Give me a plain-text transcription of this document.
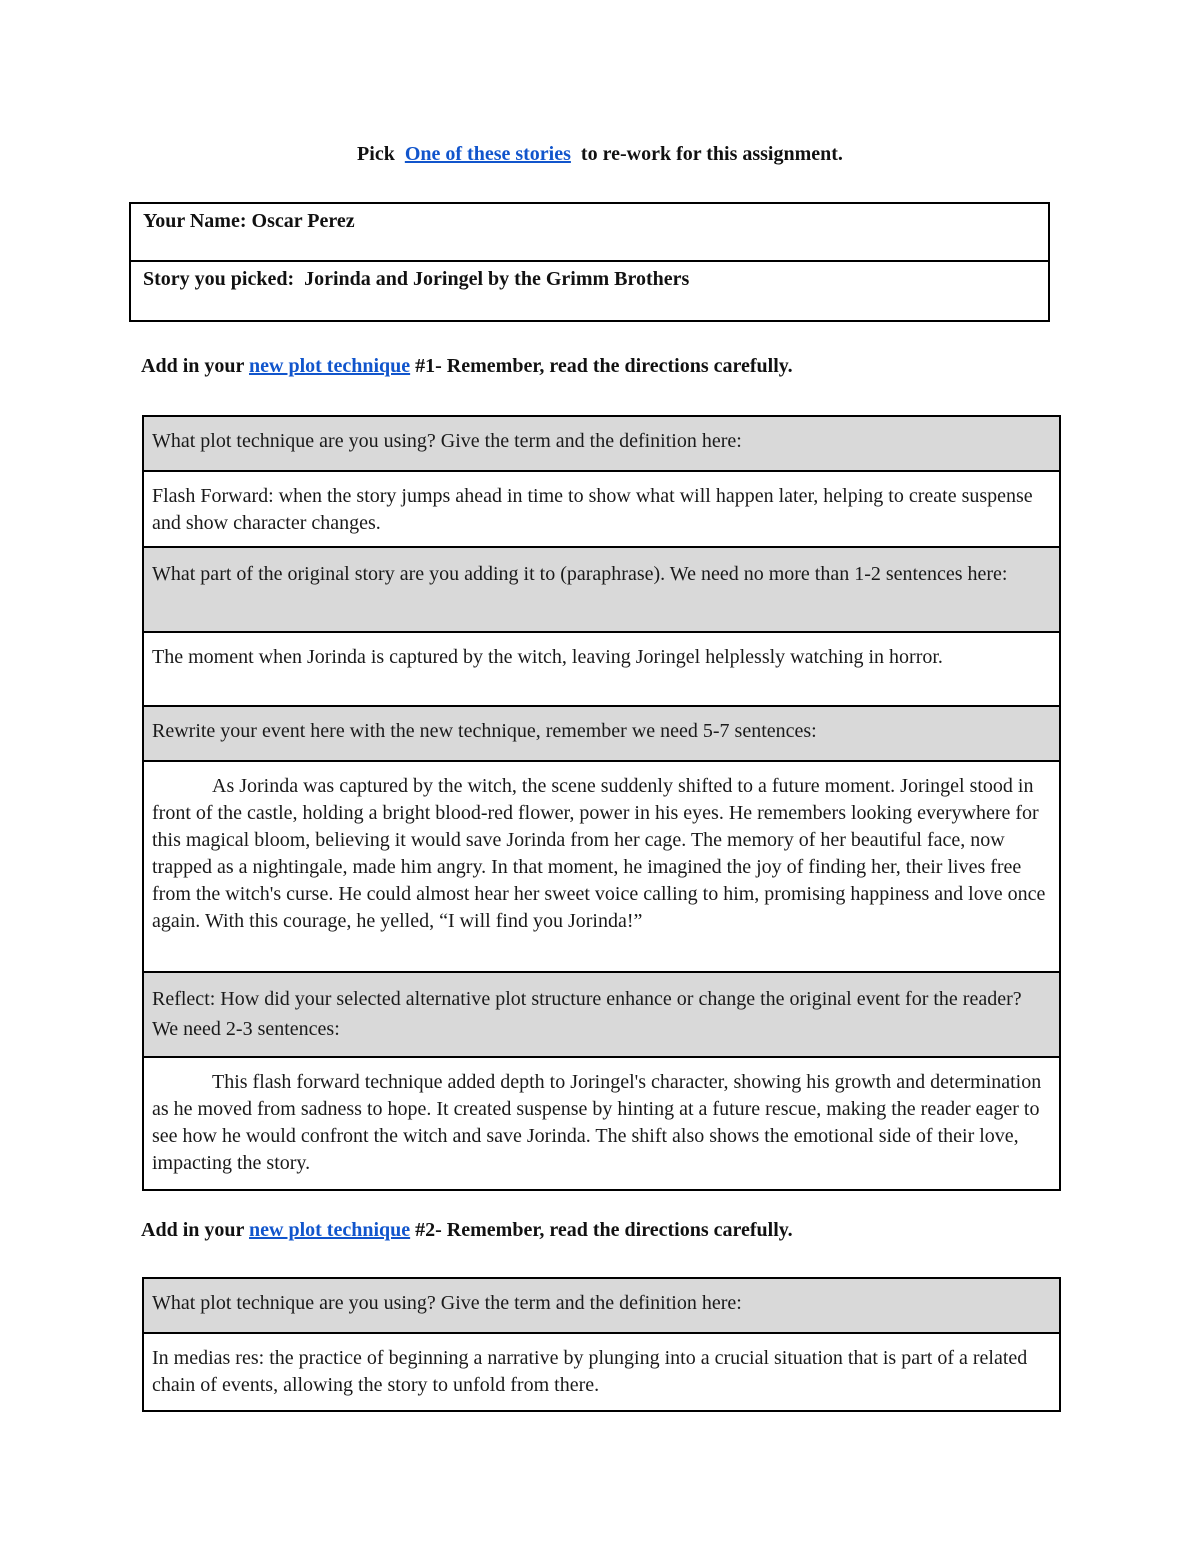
Pick One of these stories to re-work for this assignment.
Your Name: Oscar Perez
Story you picked: Jorinda and Joringel by the Grimm Brothers
Add in your new plot technique #1- Remember, read the directions carefully.
What plot technique are you using? Give the term and the definition here:
Flash Forward: when the story jumps ahead in time to show what will happen later, helping to create suspense and show character changes.
What part of the original story are you adding it to (paraphrase). We need no more than 1-2 sentences here:
The moment when Jorinda is captured by the witch, leaving Joringel helplessly watching in horror.
Rewrite your event here with the new technique, remember we need 5-7 sentences:
As Jorinda was captured by the witch, the scene suddenly shifted to a future moment. Joringel stood in front of the castle, holding a bright blood-red flower, power in his eyes. He remembers looking everywhere for this magical bloom, believing it would save Jorinda from her cage. The memory of her beautiful face, now trapped as a nightingale, made him angry. In that moment, he imagined the joy of finding her, their lives free from the witch's curse. He could almost hear her sweet voice calling to him, promising happiness and love once again. With this courage, he yelled, “I will find you Jorinda!”
Reflect: How did your selected alternative plot structure enhance or change the original event for the reader? We need 2-3 sentences:
This flash forward technique added depth to Joringel's character, showing his growth and determination as he moved from sadness to hope. It created suspense by hinting at a future rescue, making the reader eager to see how he would confront the witch and save Jorinda. The shift also shows the emotional side of their love, impacting the story.
Add in your new plot technique #2- Remember, read the directions carefully.
What plot technique are you using? Give the term and the definition here:
In medias res: the practice of beginning a narrative by plunging into a crucial situation that is part of a related chain of events, allowing the story to unfold from there.
